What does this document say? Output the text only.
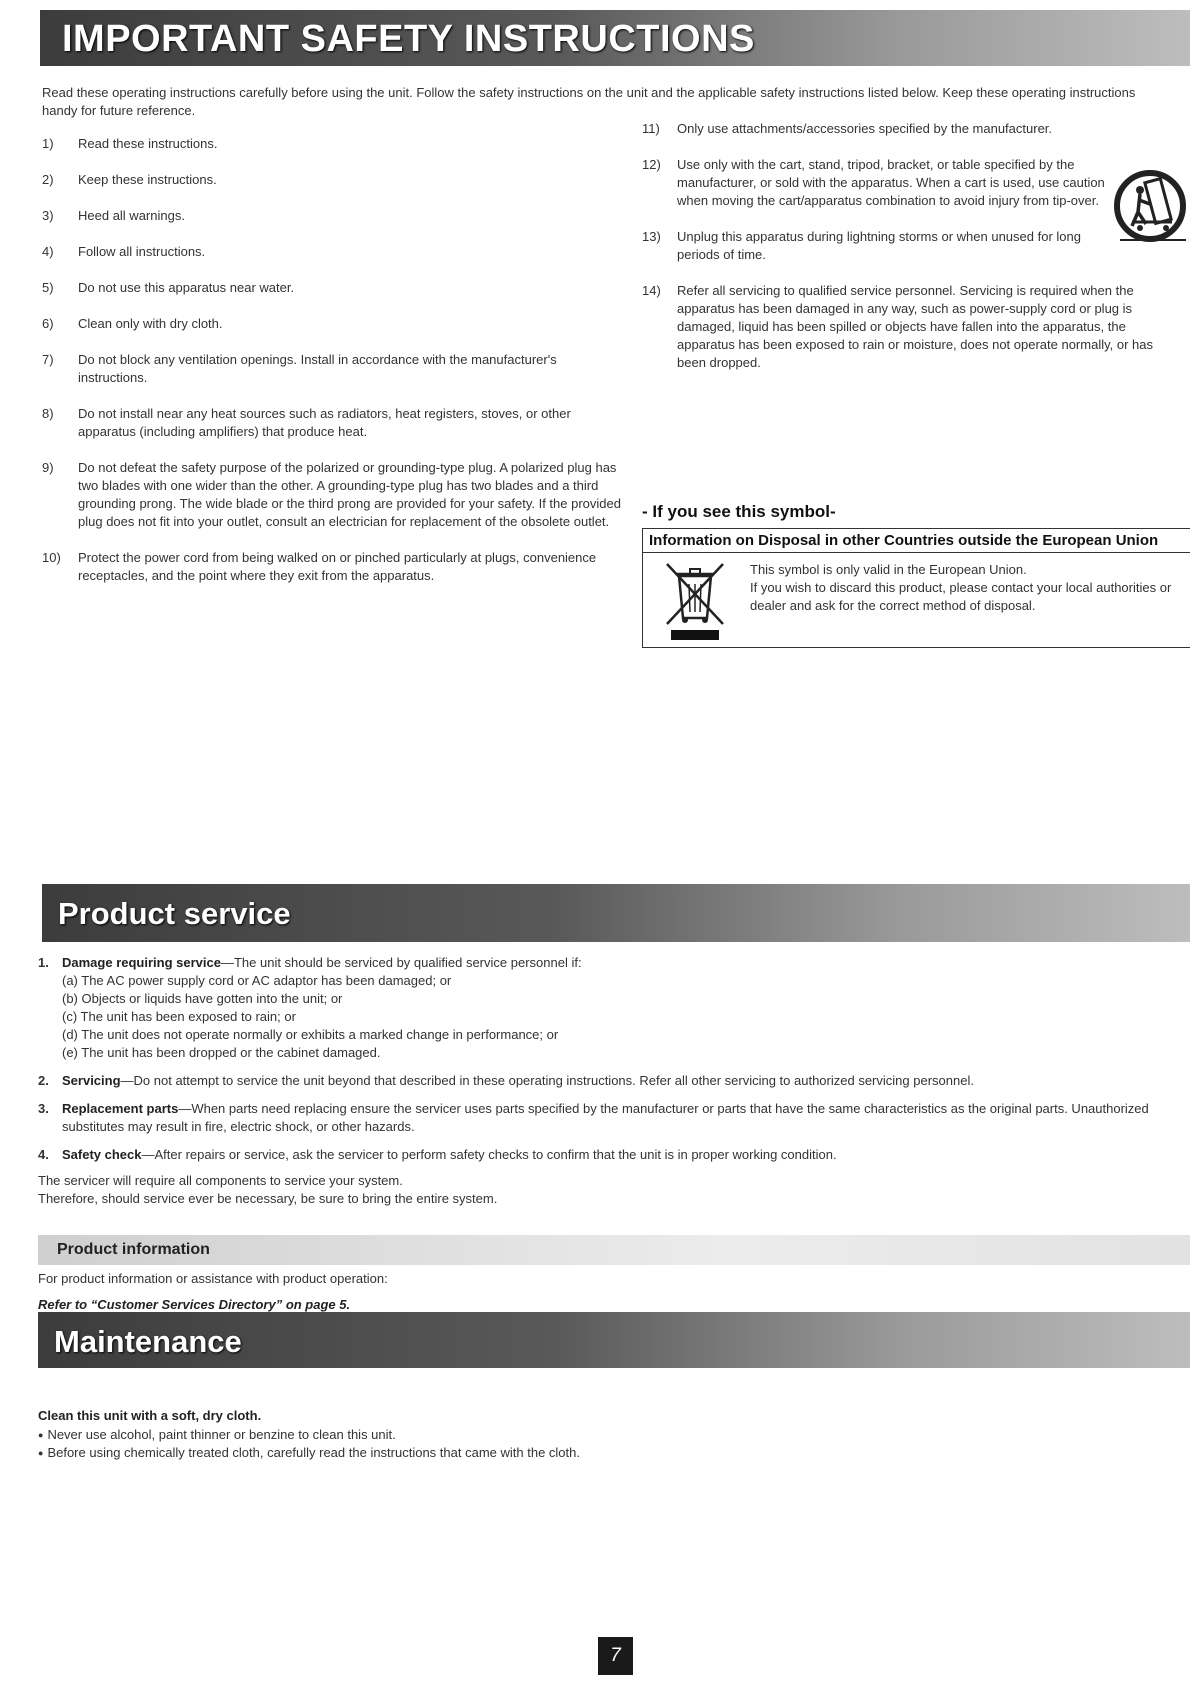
IMPORTANT SAFETY INSTRUCTIONS
Read these operating instructions carefully before using the unit. Follow the safety instructions on the unit and the applicable safety instructions listed below. Keep these operating instructions handy for future reference.
1) Read these instructions.
2) Keep these instructions.
3) Heed all warnings.
4) Follow all instructions.
5) Do not use this apparatus near water.
6) Clean only with dry cloth.
7) Do not block any ventilation openings. Install in accordance with the manufacturer's instructions.
8) Do not install near any heat sources such as radiators, heat registers, stoves, or other apparatus (including amplifiers) that produce heat.
9) Do not defeat the safety purpose of the polarized or grounding-type plug. A polarized plug has two blades with one wider than the other. A grounding-type plug has two blades and a third grounding prong. The wide blade or the third prong are provided for your safety. If the provided plug does not fit into your outlet, consult an electrician for replacement of the obsolete outlet.
10) Protect the power cord from being walked on or pinched particularly at plugs, convenience receptacles, and the point where they exit from the apparatus.
11) Only use attachments/accessories specified by the manufacturer.
12) Use only with the cart, stand, tripod, bracket, or table specified by the manufacturer, or sold with the apparatus. When a cart is used, use caution when moving the cart/apparatus combination to avoid injury from tip-over.
13) Unplug this apparatus during lightning storms or when unused for long periods of time.
14) Refer all servicing to qualified service personnel. Servicing is required when the apparatus has been damaged in any way, such as power-supply cord or plug is damaged, liquid has been spilled or objects have fallen into the apparatus, the apparatus has been exposed to rain or moisture, does not operate normally, or has been dropped.
- If you see this symbol-
Information on Disposal in other Countries outside the European Union
This symbol is only valid in the European Union.
If you wish to discard this product, please contact your local authorities or dealer and ask for the correct method of disposal.
Product service
1. Damage requiring service—The unit should be serviced by qualified service personnel if:
(a) The AC power supply cord or AC adaptor has been damaged; or
(b) Objects or liquids have gotten into the unit; or
(c) The unit has been exposed to rain; or
(d) The unit does not operate normally or exhibits a marked change in performance; or
(e) The unit has been dropped or the cabinet damaged.
2. Servicing—Do not attempt to service the unit beyond that described in these operating instructions. Refer all other servicing to authorized servicing personnel.
3. Replacement parts—When parts need replacing ensure the servicer uses parts specified by the manufacturer or parts that have the same characteristics as the original parts. Unauthorized substitutes may result in fire, electric shock, or other hazards.
4. Safety check—After repairs or service, ask the servicer to perform safety checks to confirm that the unit is in proper working condition.
The servicer will require all components to service your system.
Therefore, should service ever be necessary, be sure to bring the entire system.
Product information
For product information or assistance with product operation:
Refer to “Customer Services Directory” on page 5.
Maintenance
Clean this unit with a soft, dry cloth.
● Never use alcohol, paint thinner or benzine to clean this unit.
● Before using chemically treated cloth, carefully read the instructions that came with the cloth.
7
